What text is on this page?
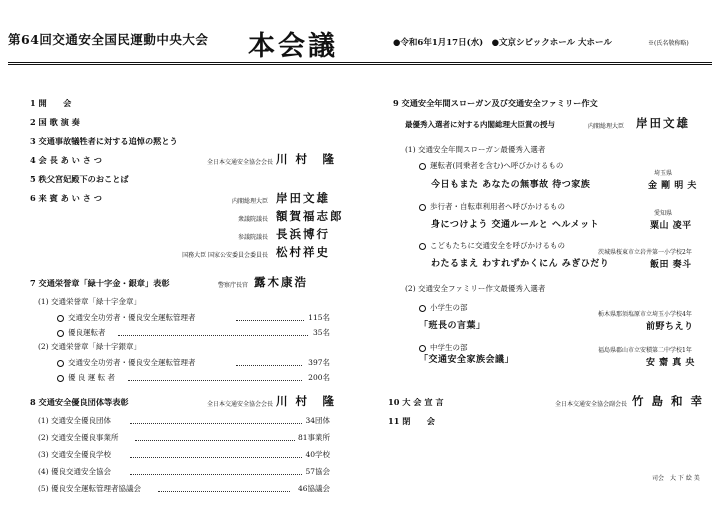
第64回交通安全国民運動中央大会 本会議	●令和6年1月17日(水)　●文京シビックホール 大ホール	※(氏名敬称略)
1 開　　会
2 国 歌 演 奏
3 交通事故犠牲者に対する追悼の黙とう
4 会 長 あ い さ つ	全日本交通安全協会会長 川 村　隆
5 秩父宮妃殿下のおことば
6 来 賓 あ い さ つ	内閣総理大臣 岸田文雄
衆議院議長 額賀福志郎
参議院議長 長浜博行
国務大臣 国家公安委員会委員長 松村祥史
7 交通栄誉章「緑十字金・銀章」表彰	警察庁長官 露木康浩
(1) 交通栄誉章「緑十字金章」
交通安全功労者・優良安全運転管理者	115名
優良運転者	35名
(2) 交通栄誉章「緑十字銀章」
交通安全功労者・優良安全運転管理者	397名
優 良 運 転 者	200名
8 交通安全優良団体等表彰	全日本交通安全協会会長 川 村　隆
(1) 交通安全優良団体	34団体
(2) 交通安全優良事業所	81事業所
(3) 交通安全優良学校	40学校
(4) 優良交通安全協会	57協会
(5) 優良安全運転管理者協議会	46協議会
9 交通安全年間スローガン及び交通安全ファミリー作文
最優秀入選者に対する内閣総理大臣賞の授与	内閣総理大臣 岸田文雄
(1) 交通安全年間スローガン最優秀入選者
運転者(同乗者を含む)へ呼びかけるもの
今日もまた あなたの無事故 待つ家族
埼玉県
金 剛 明 夫
歩行者・自転車利用者へ呼びかけるもの
身につけよう 交通ルールと ヘルメット
愛知県
粟山 凌平
こどもたちに交通安全を呼びかけるもの
わたるまえ わすれずかくにん みぎひだり
茨城県桜東市立岩井第一小学校2年
飯田 奏斗
(2) 交通安全ファミリー作文最優秀入選者
小学生の部
「班長の言葉」
栃木県那須塩原市立埼玉小学校4年
前野ちえり
中学生の部
「交通安全家族会議」
福島県郡山市立安積第二中学校1年
安 齋 真 央
10 大 会 宣 言	全日本交通安全協会副会長 竹 島 和 幸
11 閉　　会
司会　大 下 絵 美
